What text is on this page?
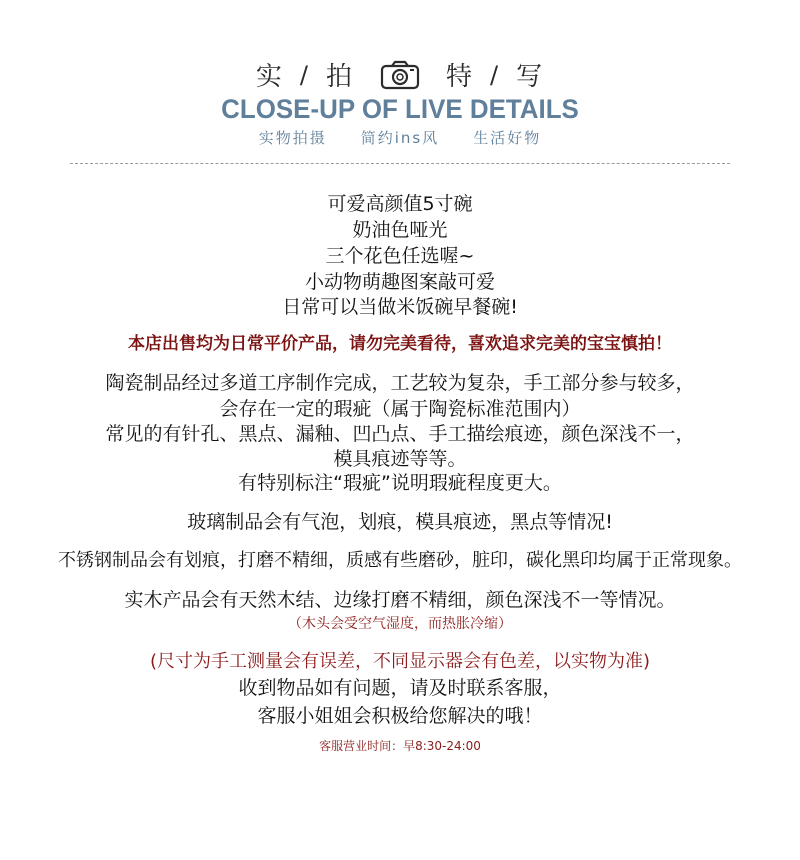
实 / 拍	特 / 写
CLOSE-UP OF LIVE DETAILS
实物拍摄 简约ins风 生活好物
可爱高颜值5寸碗
奶油色哑光
三个花色任选喔~
小动物萌趣图案敲可爱
日常可以当做米饭碗早餐碗!
本店出售均为日常平价产品，请勿完美看待，喜欢追求完美的宝宝慎拍！
陶瓷制品经过多道工序制作完成，工艺较为复杂，手工部分参与较多，
会存在一定的瑕疵（属于陶瓷标准范围内）
常见的有针孔、黑点、漏釉、凹凸点、手工描绘痕迹，颜色深浅不一，
模具痕迹等等。
有特别标注“瑕疵”说明瑕疵程度更大。
玻璃制品会有气泡，划痕，模具痕迹，黑点等情况!
不锈钢制品会有划痕，打磨不精细，质感有些磨砂，脏印，碳化黑印均属于正常现象。
实木产品会有天然木结、边缘打磨不精细，颜色深浅不一等情况。
（木头会受空气湿度，而热胀冷缩）
(尺寸为手工测量会有误差，不同显示器会有色差，以实物为准)
收到物品如有问题，请及时联系客服，
客服小姐姐会积极给您解决的哦！
客服营业时间：早8:30-24:00
